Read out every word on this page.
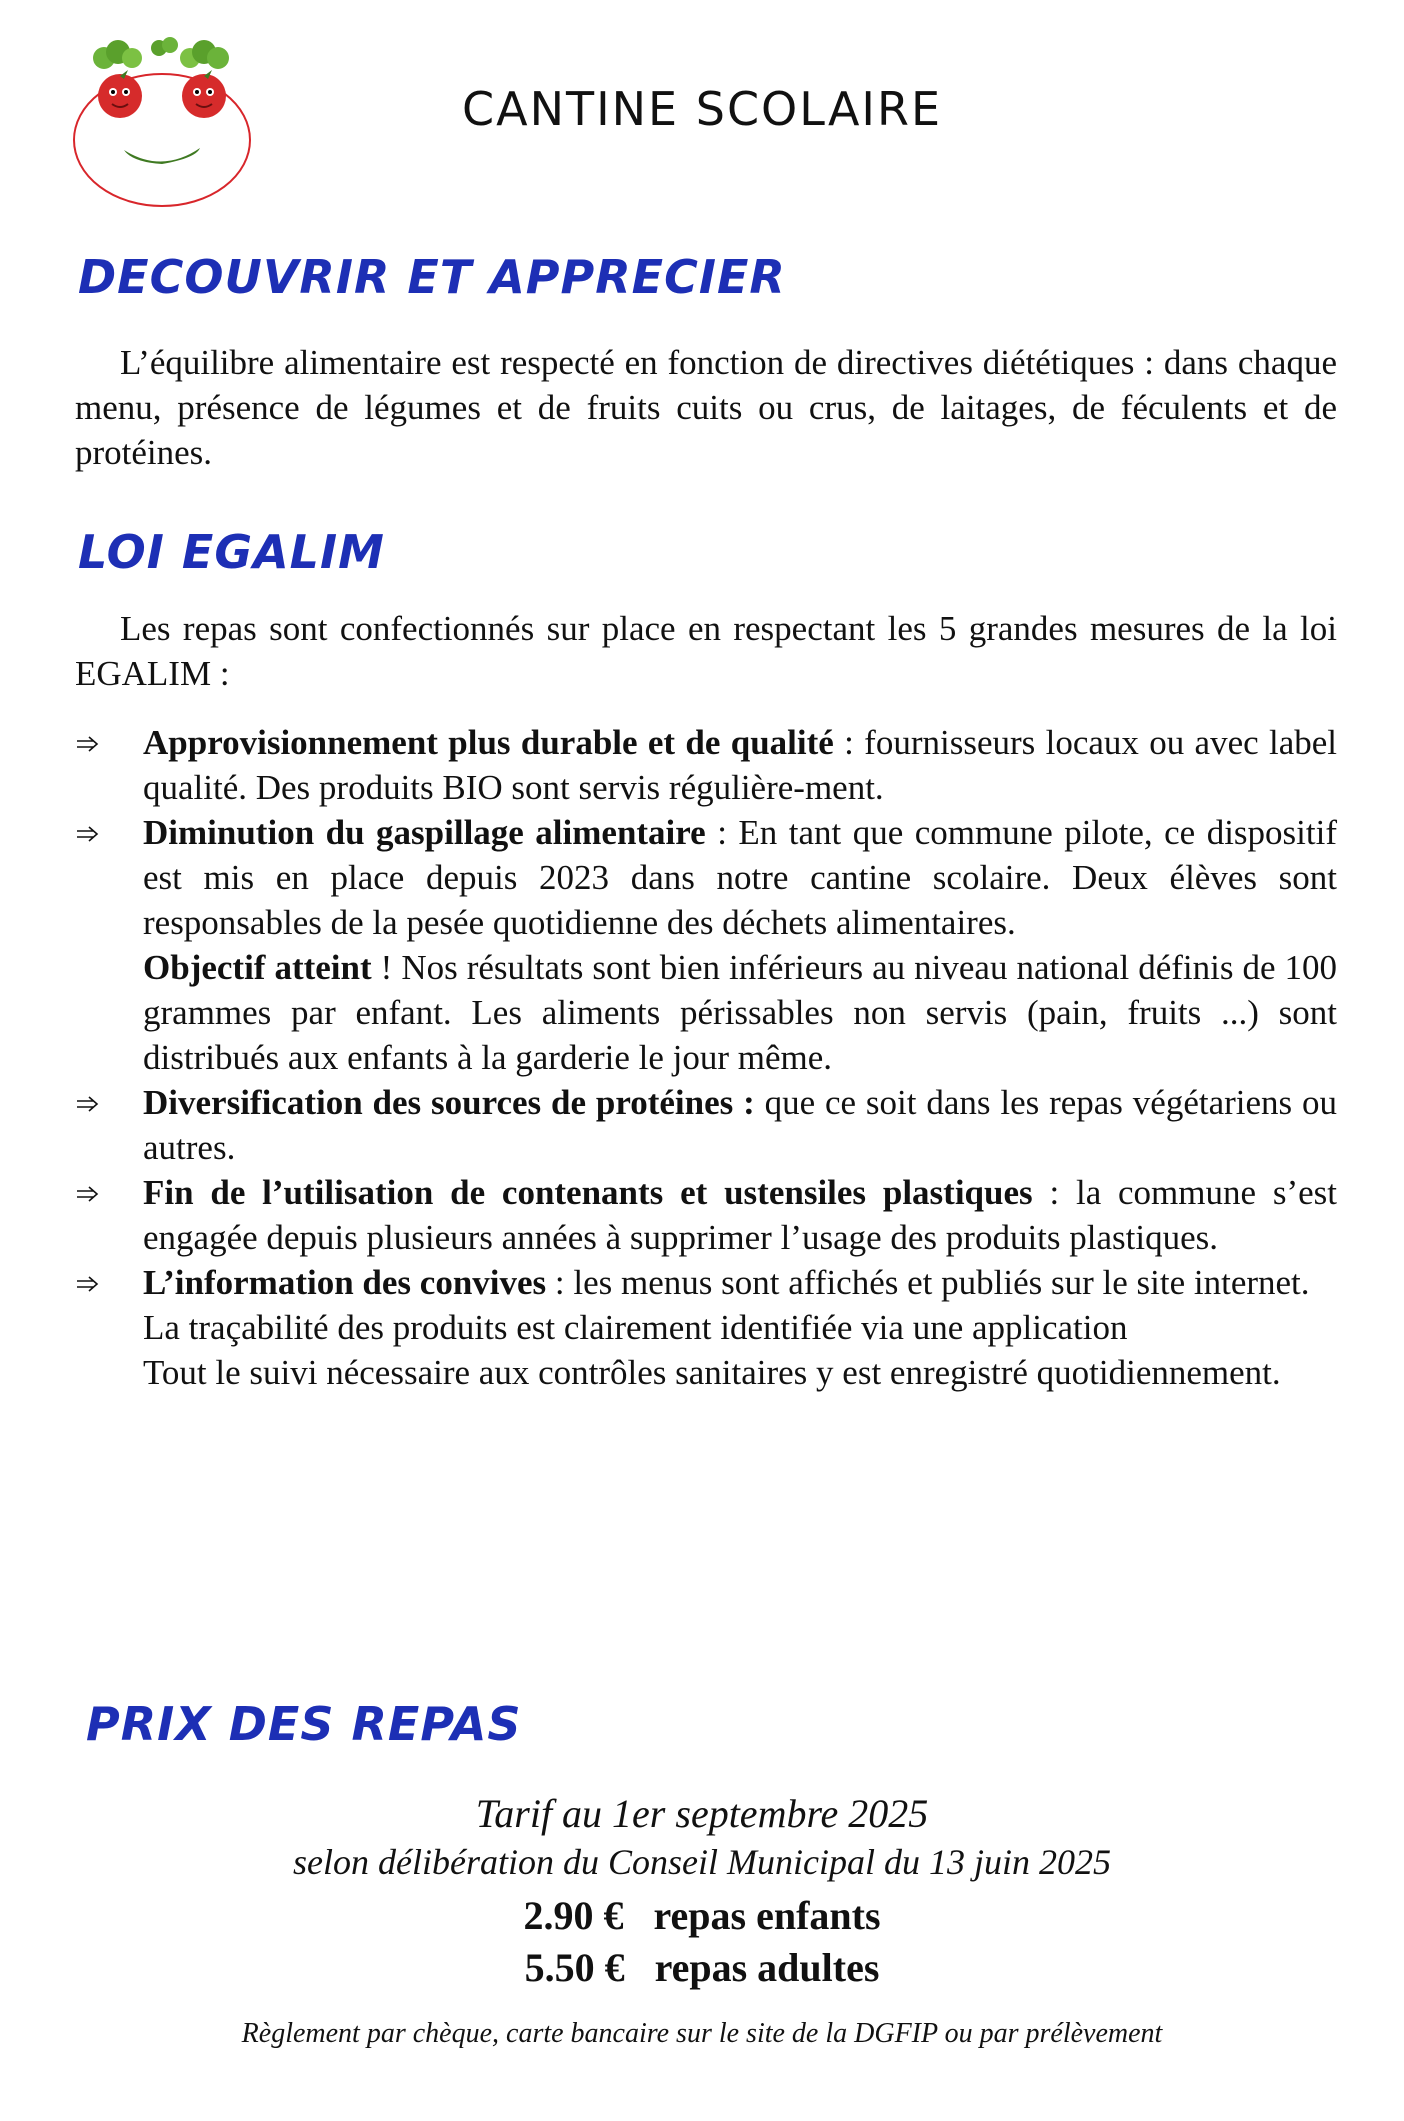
CANTINE SCOLAIRE
DECOUVRIR ET APPRECIER
L’équilibre alimentaire est respecté en fonction de directives diététiques : dans chaque menu, présence de légumes et de fruits cuits ou crus, de laitages, de féculents et de protéines.
LOI EGALIM
Les repas sont confectionnés sur place en respectant les 5 grandes mesures de la loi EGALIM :
Approvisionnement plus durable et de qualité : fournisseurs locaux ou avec label qualité. Des produits BIO sont servis régulière-ment.
Diminution du gaspillage alimentaire : En tant que commune pilote, ce dispositif est mis en place depuis 2023 dans notre cantine scolaire. Deux élèves sont responsables de la pesée quotidienne des déchets alimentaires.
Objectif atteint ! Nos résultats sont bien inférieurs au niveau national définis de 100 grammes par enfant. Les aliments périssables non servis (pain, fruits ...) sont distribués aux enfants à la garderie le jour même.
Diversification des sources de protéines : que ce soit dans les repas végétariens ou autres.
Fin de l’utilisation de contenants et ustensiles plastiques : la commune s’est engagée depuis plusieurs années à supprimer l’usage des produits plastiques.
L’information des convives : les menus sont affichés et publiés sur le site internet.
La traçabilité des produits est clairement identifiée via une application
Tout le suivi nécessaire aux contrôles sanitaires y est enregistré quotidiennement.
PRIX DES REPAS
Tarif au 1er septembre 2025
selon délibération du Conseil Municipal du 13 juin 2025
2.90 € repas enfants
5.50 € repas adultes
Règlement par chèque, carte bancaire sur le site de la DGFIP ou par prélèvement
